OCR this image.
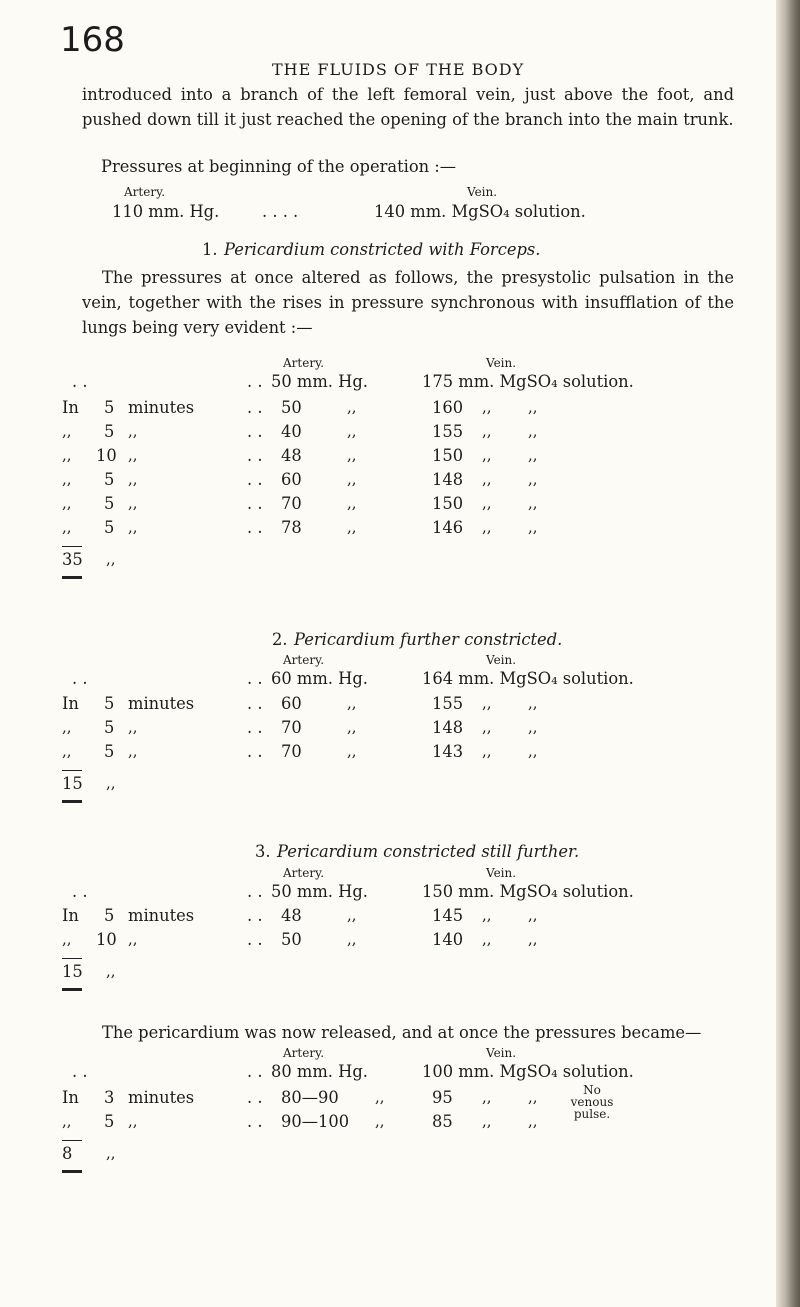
168
THE FLUIDS OF THE BODY
introduced into a branch of the left femoral vein, just above the foot, and pushed down till it just reached the opening of the branch into the main trunk.
Pressures at beginning of the operation :—
Artery.	Vein.
110 mm. Hg.	. . . .	140 mm. MgSO₄ solution.
1. Pericardium constricted with Forceps.
The pressures at once altered as follows, the presystolic pulsation in the vein, together with the rises in pressure synchronous with insufflation of the lungs being very evident :—
Artery.	Vein.
. .	. . 50 mm. Hg.	175 mm. MgSO₄ solution.
In 5 minutes	. . 50	,,	160 ,, ,,
,, 5 ,,	. . 40	,,	155 ,, ,,
,, 10 ,,	. . 48	,,	150 ,, ,,
,, 5 ,,	. . 60	,,	148 ,, ,,
,, 5 ,,	. . 70	,,	150 ,, ,,
,, 5 ,,	. . 78	,,	146 ,, ,,
35 ,,
2. Pericardium further constricted.
Artery.	Vein.
. .	. . 60 mm. Hg.	164 mm. MgSO₄ solution.
In 5 minutes	. . 60	,,	155 ,, ,,
,, 5 ,,	. . 70	,,	148 ,, ,,
,, 5 ,,	. . 70	,,	143 ,, ,,
15 ,,
3. Pericardium constricted still further.
Artery.	Vein.
. .	. . 50 mm. Hg.	150 mm. MgSO₄ solution.
In 5 minutes	. . 48	,,	145 ,, ,,
,, 10 ,,	. . 50	,,	140 ,, ,,
15 ,,
The pericardium was now released, and at once the pressures became—
Artery.	Vein.
. .	. . 80 mm. Hg.	100 mm. MgSO₄ solution.
In 3 minutes	. . 80—90 ,,	95 ,, ,,	No venous pulse.
,, 5 ,,	. . 90—100 ,,	85 ,, ,,
8 ,,
